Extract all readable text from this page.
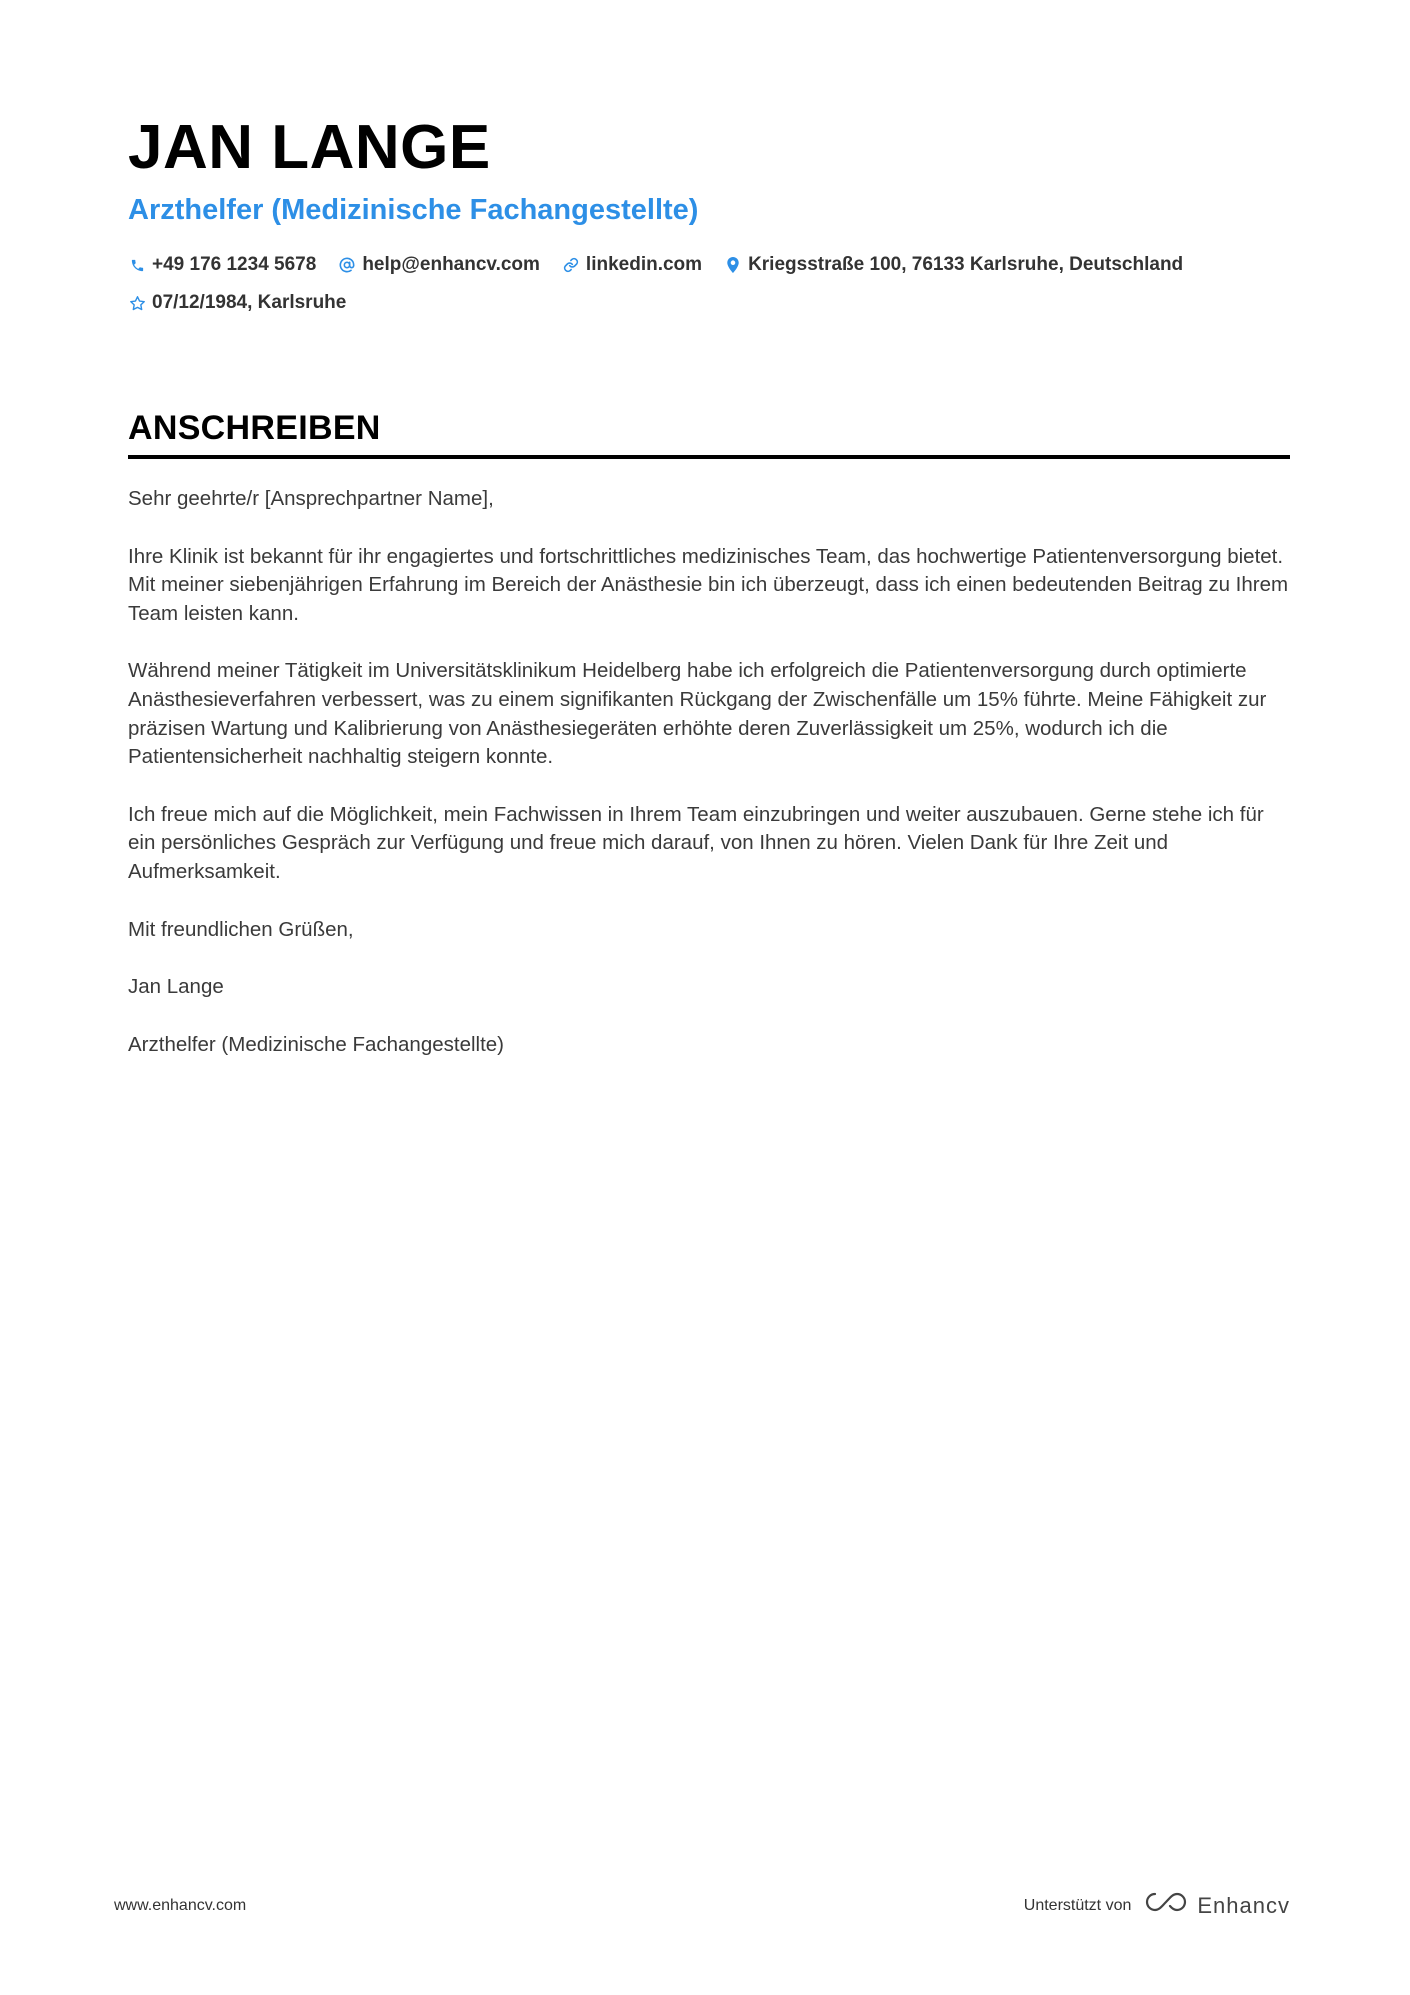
JAN LANGE
Arzthelfer (Medizinische Fachangestellte)
+49 176 1234 5678 help@enhancv.com linkedin.com Kriegsstraße 100, 76133 Karlsruhe, Deutschland
07/12/1984, Karlsruhe
ANSCHREIBEN

Sehr geehrte/r [Ansprechpartner Name],

Ihre Klinik ist bekannt für ihr engagiertes und fortschrittliches medizinisches Team, das hochwertige Patientenversorgung bietet. Mit meiner siebenjährigen Erfahrung im Bereich der Anästhesie bin ich überzeugt, dass ich einen bedeutenden Beitrag zu Ihrem Team leisten kann.

Während meiner Tätigkeit im Universitätsklinikum Heidelberg habe ich erfolgreich die Patientenversorgung durch optimierte Anästhesieverfahren verbessert, was zu einem signifikanten Rückgang der Zwischenfälle um 15% führte. Meine Fähigkeit zur präzisen Wartung und Kalibrierung von Anästhesiegeräten erhöhte deren Zuverlässigkeit um 25%, wodurch ich die Patientensicherheit nachhaltig steigern konnte.

Ich freue mich auf die Möglichkeit, mein Fachwissen in Ihrem Team einzubringen und weiter auszubauen. Gerne stehe ich für ein persönliches Gespräch zur Verfügung und freue mich darauf, von Ihnen zu hören. Vielen Dank für Ihre Zeit und Aufmerksamkeit.

Mit freundlichen Grüßen,

Jan Lange

Arzthelfer (Medizinische Fachangestellte)

www.enhancv.com	Unterstützt von	Enhancv
